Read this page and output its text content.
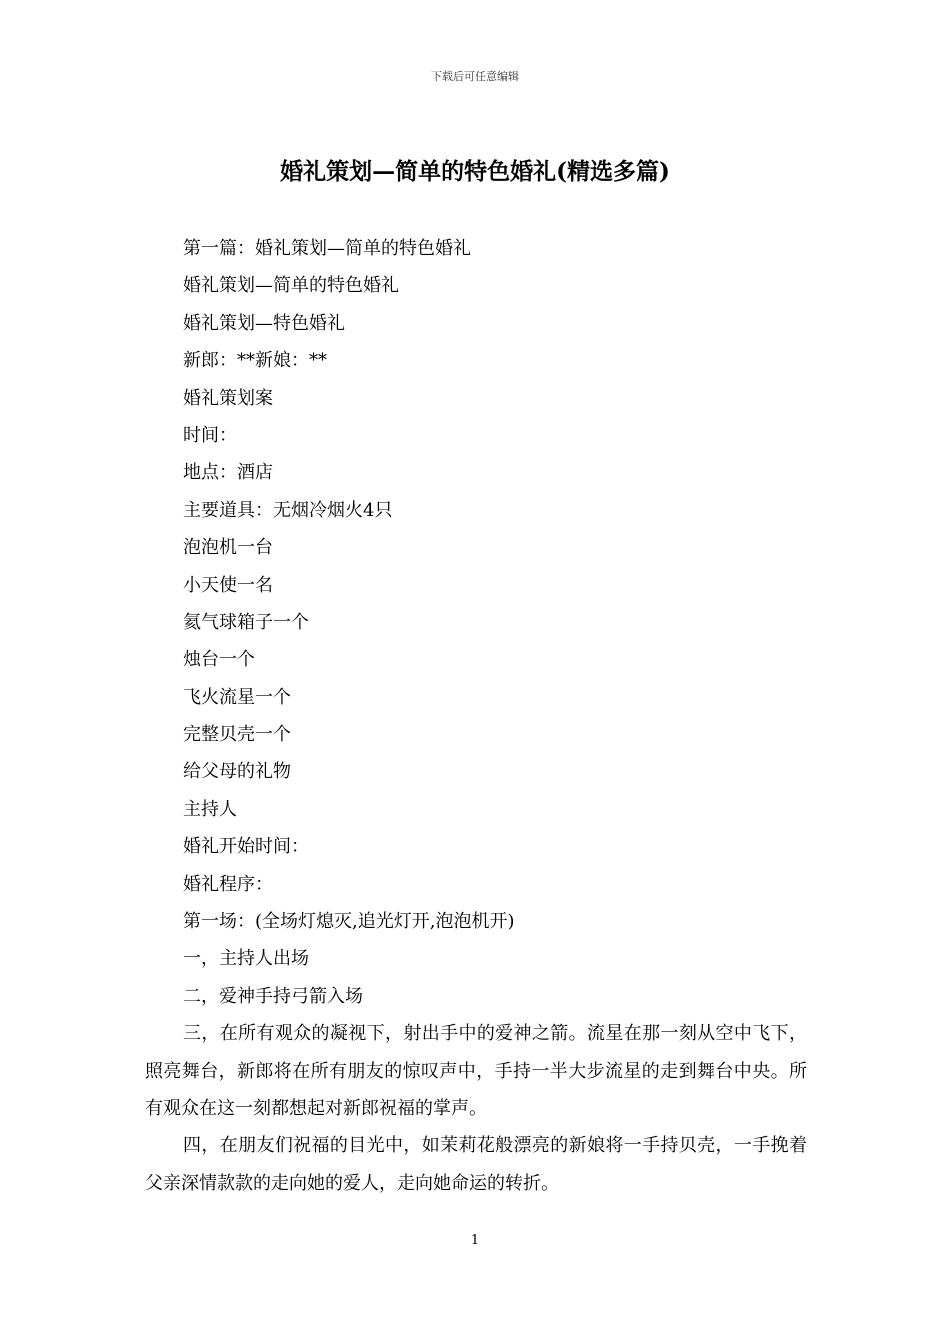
下载后可任意编辑
婚礼策划—简单的特色婚礼(精选多篇)
第一篇：婚礼策划—简单的特色婚礼
婚礼策划—简单的特色婚礼
婚礼策划—特色婚礼
新郎：**新娘：**
婚礼策划案
时间：
地点：酒店
主要道具：无烟冷烟火4只
泡泡机一台
小天使一名
氦气球箱子一个
烛台一个
飞火流星一个
完整贝壳一个
给父母的礼物
主持人
婚礼开始时间：
婚礼程序：
第一场：(全场灯熄灭,追光灯开,泡泡机开)
一，主持人出场
二，爱神手持弓箭入场
三，在所有观众的凝视下，射出手中的爱神之箭。流星在那一刻从空中飞下，照亮舞台，新郎将在所有朋友的惊叹声中，手持一半大步流星的走到舞台中央。所有观众在这一刻都想起对新郎祝福的掌声。
四，在朋友们祝福的目光中，如茉莉花般漂亮的新娘将一手持贝壳，一手挽着父亲深情款款的走向她的爱人，走向她命运的转折。
1
